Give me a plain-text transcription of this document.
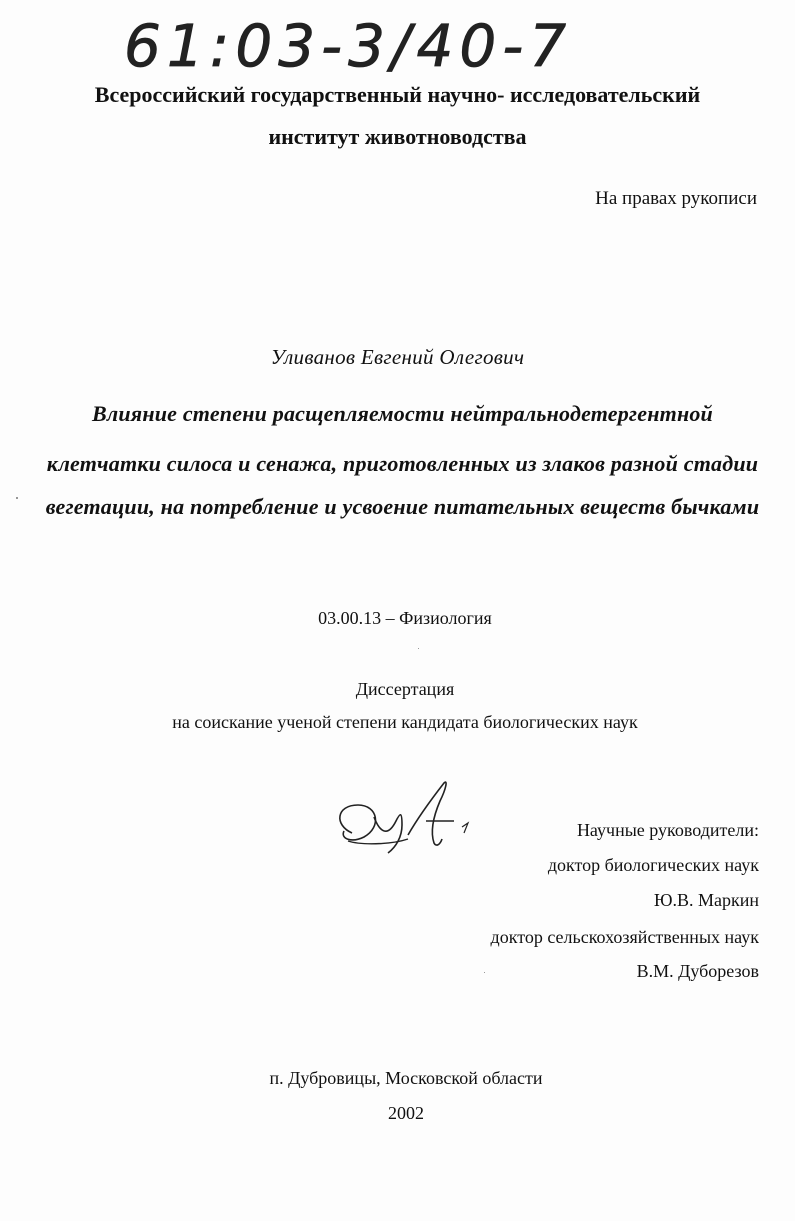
61:03-3/40-7
Всероссийский государственный научно- исследовательский
институт животноводства
На правах рукописи
Уливанов Евгений Олегович
Влияние степени расщепляемости нейтральнодетергентной
клетчатки силоса и сенажа, приготовленных из злаков разной стадии
вегетации, на потребление и усвоение питательных веществ бычками
03.00.13 – Физиология
Диссертация
на соискание ученой степени кандидата биологических наук
Научные руководители:
доктор биологических наук
Ю.В. Маркин
доктор сельскохозяйственных наук
В.М. Дуборезов
п. Дубровицы, Московской области
2002
